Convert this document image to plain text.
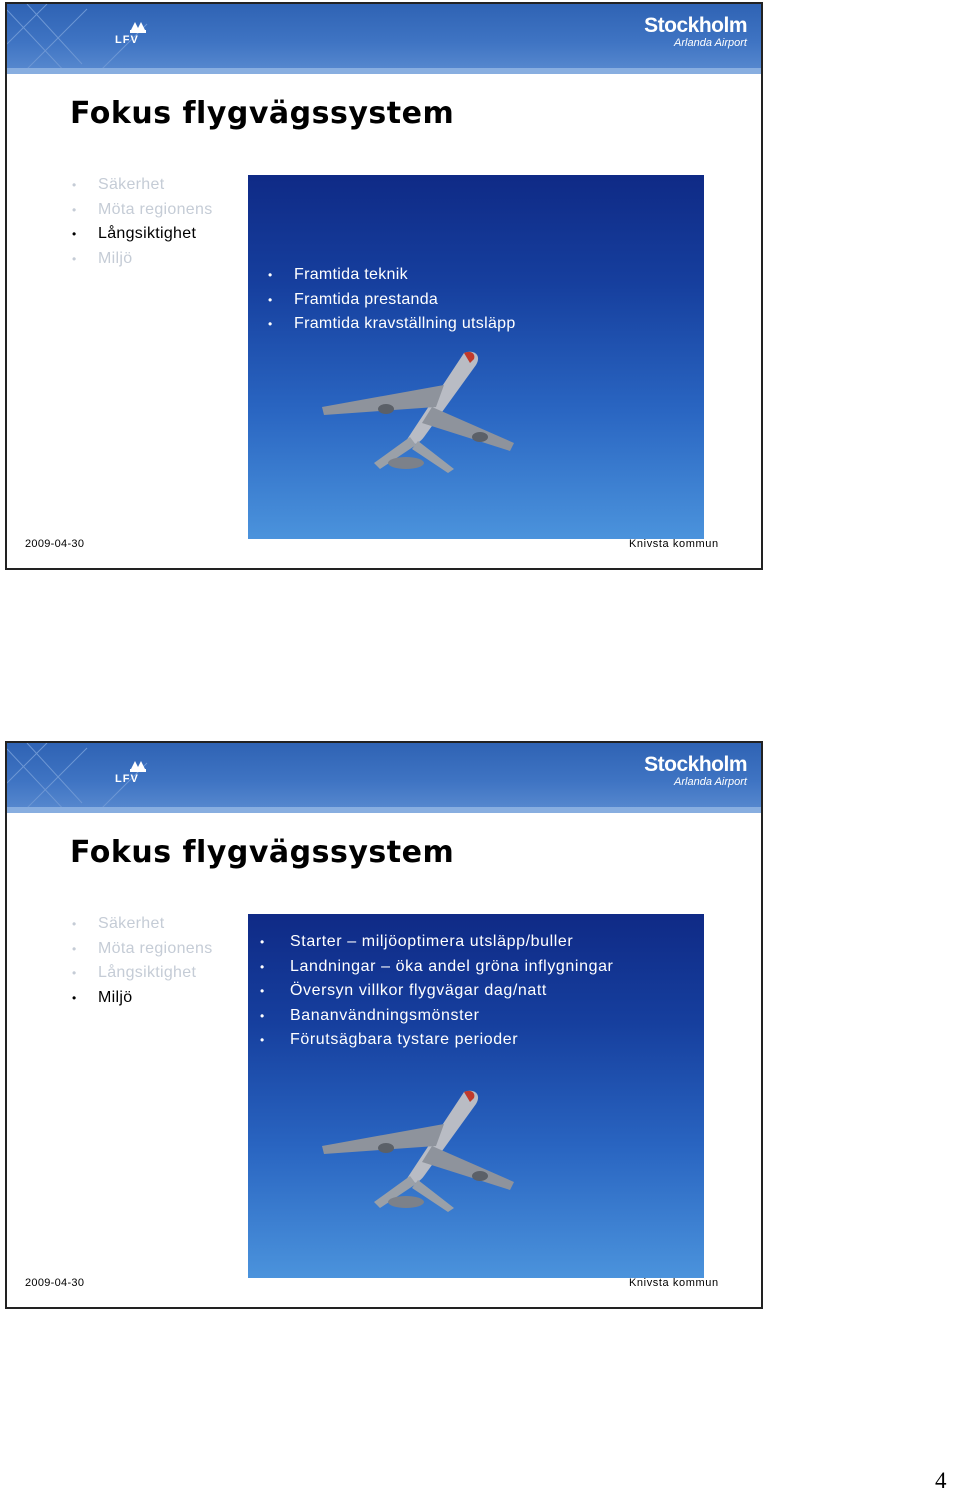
LFV
Stockholm
Arlanda Airport
Fokus flygvägssystem
• Säkerhet
• Möta regionens
• Långsiktighet
• Miljö
• Framtida teknik
• Framtida prestanda
• Framtida kravställning utsläpp
2009-04-30	Knivsta kommun
LFV
Stockholm
Arlanda Airport
Fokus flygvägssystem
• Säkerhet
• Möta regionens
• Långsiktighet
• Miljö
• Starter – miljöoptimera utsläpp/buller
• Landningar – öka andel gröna inflygningar
• Översyn villkor flygvägar dag/natt
• Bananvändningsmönster
• Förutsägbara tystare perioder
2009-04-30	Knivsta kommun
4
